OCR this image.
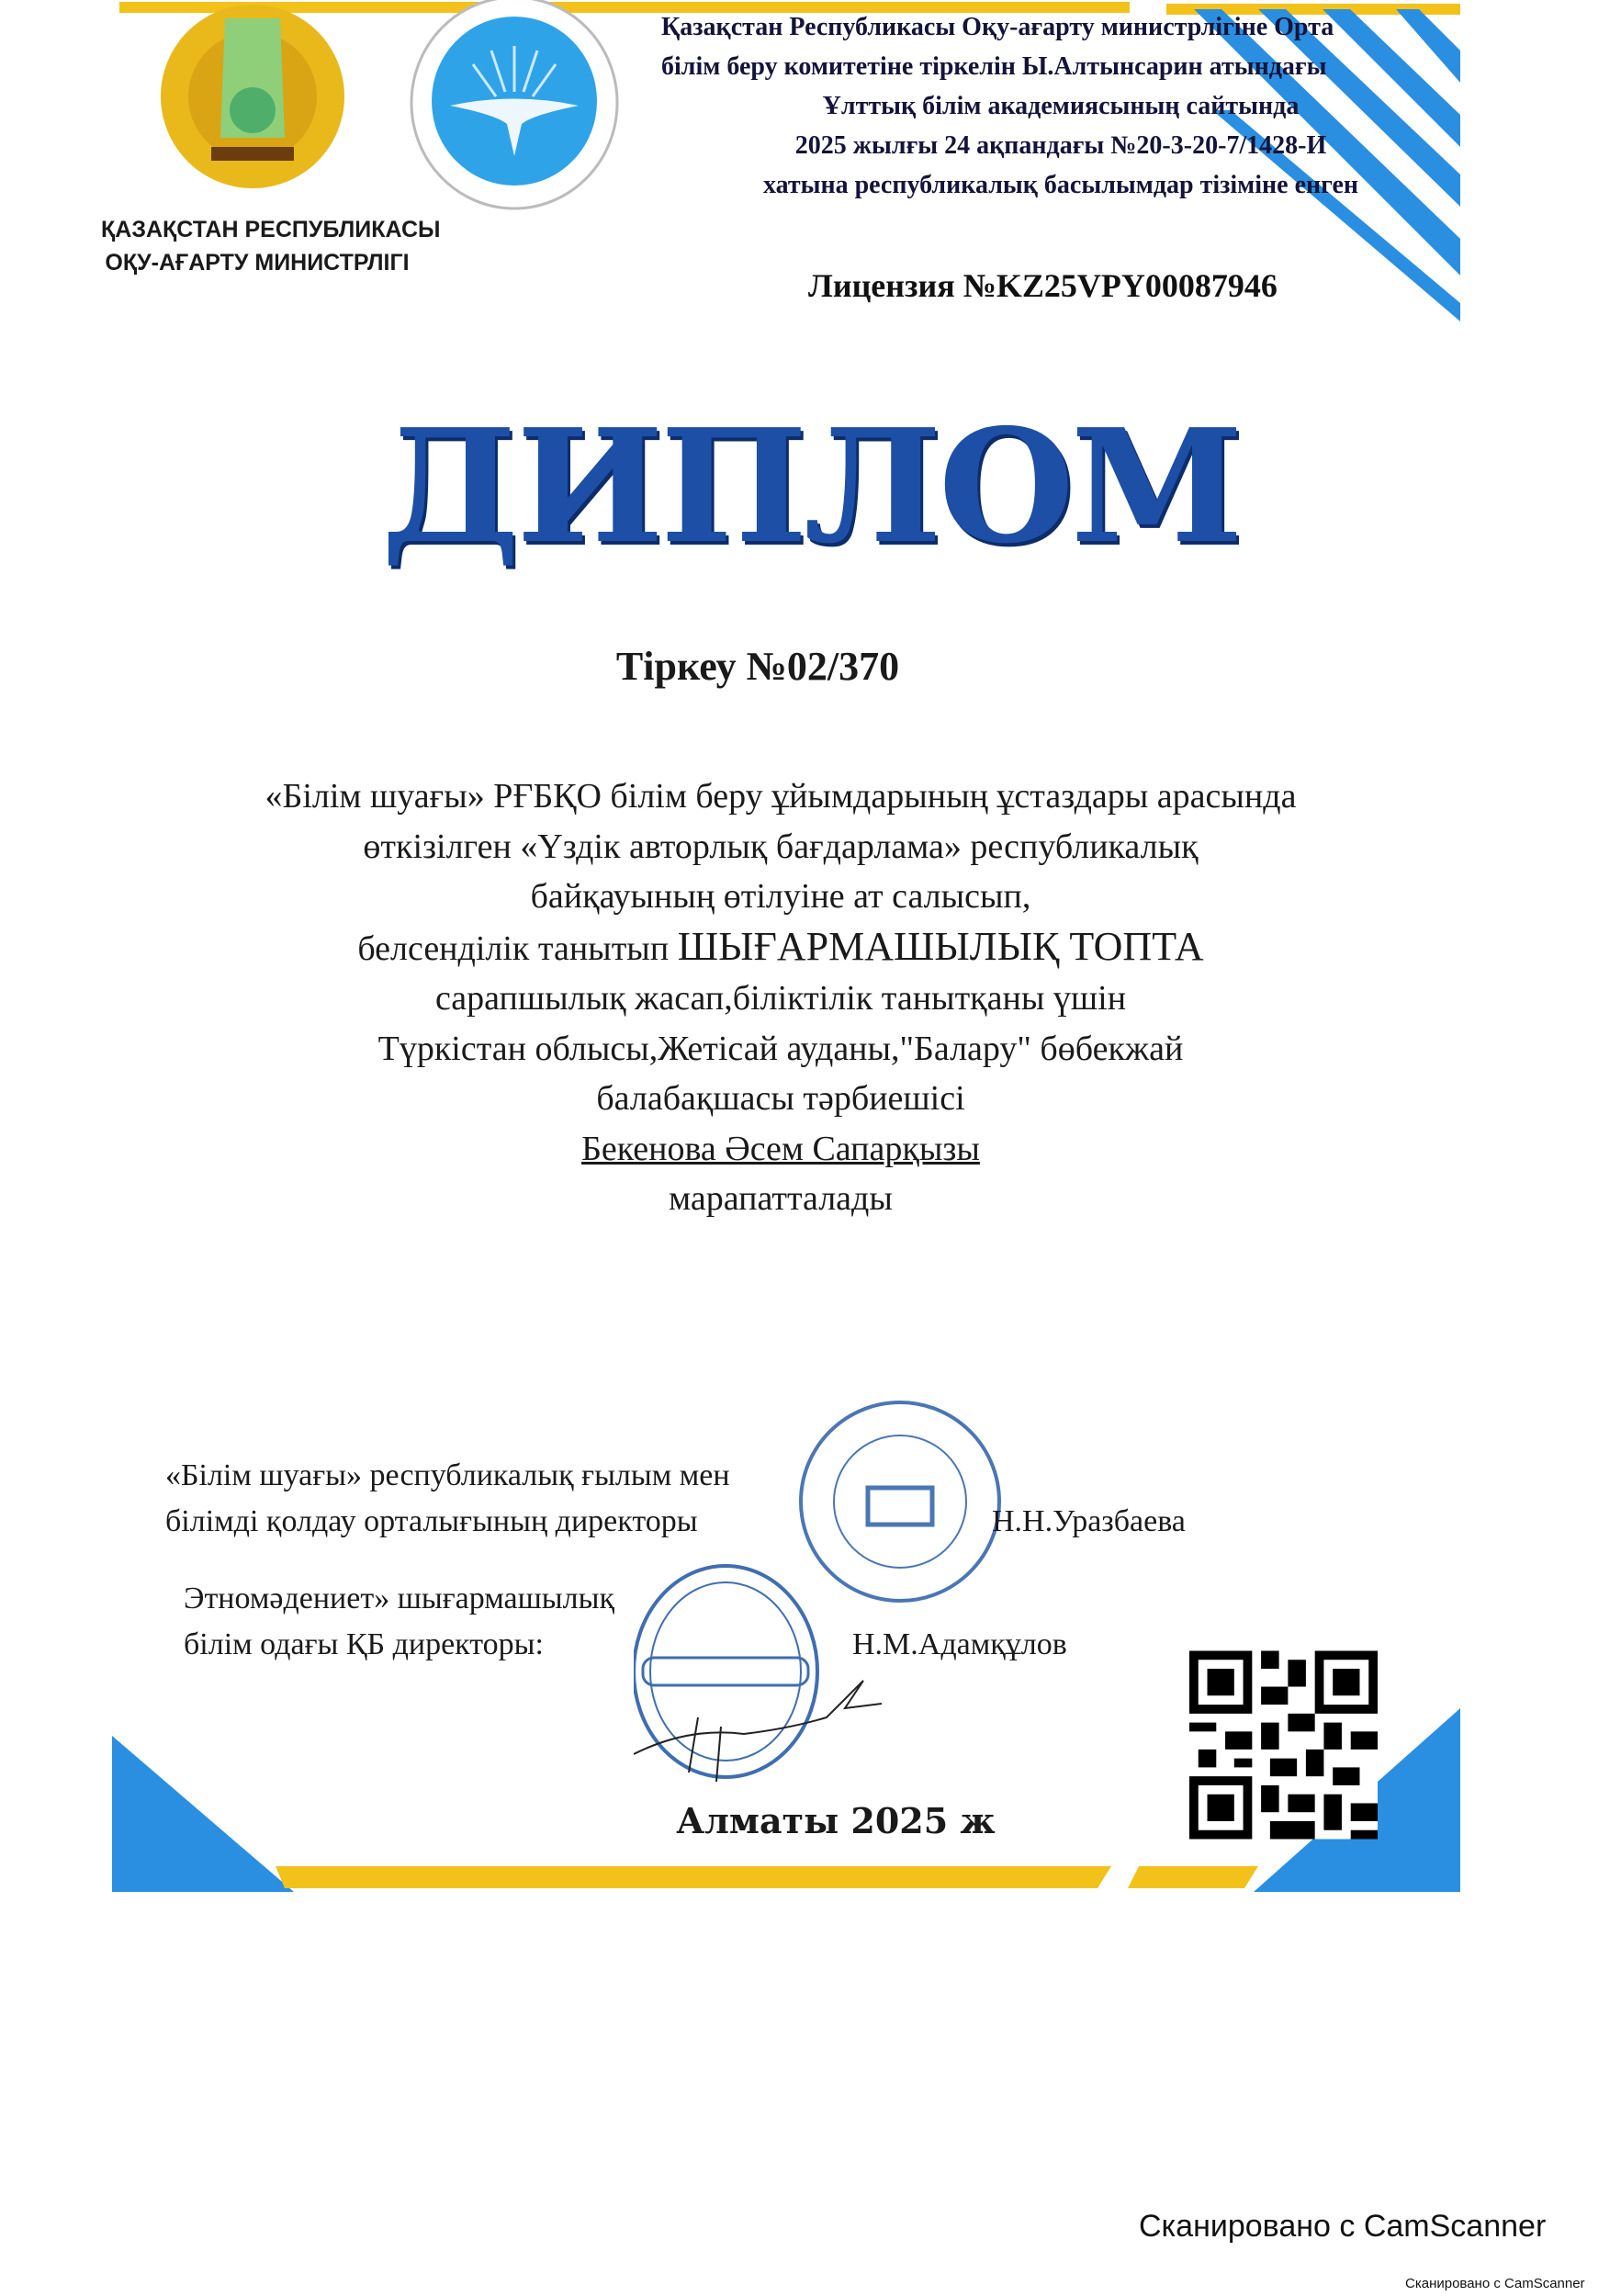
ҚАЗАҚСТАН РЕСПУБЛИКАСЫ
ОҚУ-АҒАРТУ МИНИСТРЛІГІ
Қазақстан Республикасы Оқу-ағарту министрлігіне Орта
білім беру комитетіне тіркелін Ы.Алтынсарин атындағы
Ұлттық білім академиясының сайтында
2025 жылғы 24 ақпандағы №20-3-20-7/1428-И
хатына республикалық басылымдар тізіміне енген
Лицензия №KZ25VPY00087946
ДИПЛОМ
Тіркеу №02/370
«Білім шуағы» РҒБҚО білім беру ұйымдарының ұстаздары арасында
өткізілген «Үздік авторлық бағдарлама» республикалық
байқауының өтілуіне ат салысып,
белсенділік танытып ШЫҒАРМАШЫЛЫҚ ТОПТА
сарапшылық жасап,біліктілік танытқаны үшін
Түркістан облысы,Жетісай ауданы,"Балару" бөбекжай
балабақшасы тәрбиешісі
Бекенова Әсем Сапарқызы
марапатталады
«Білім шуағы» республикалық ғылым мен
білімді қолдау орталығының директоры	Н.Н.Уразбаева
Этномәдениет» шығармашылық
білім одағы ҚБ директоры:	Н.М.Адамқұлов
Алматы 2025 ж
Сканировано с CamScanner
Сканировано с CamScanner
